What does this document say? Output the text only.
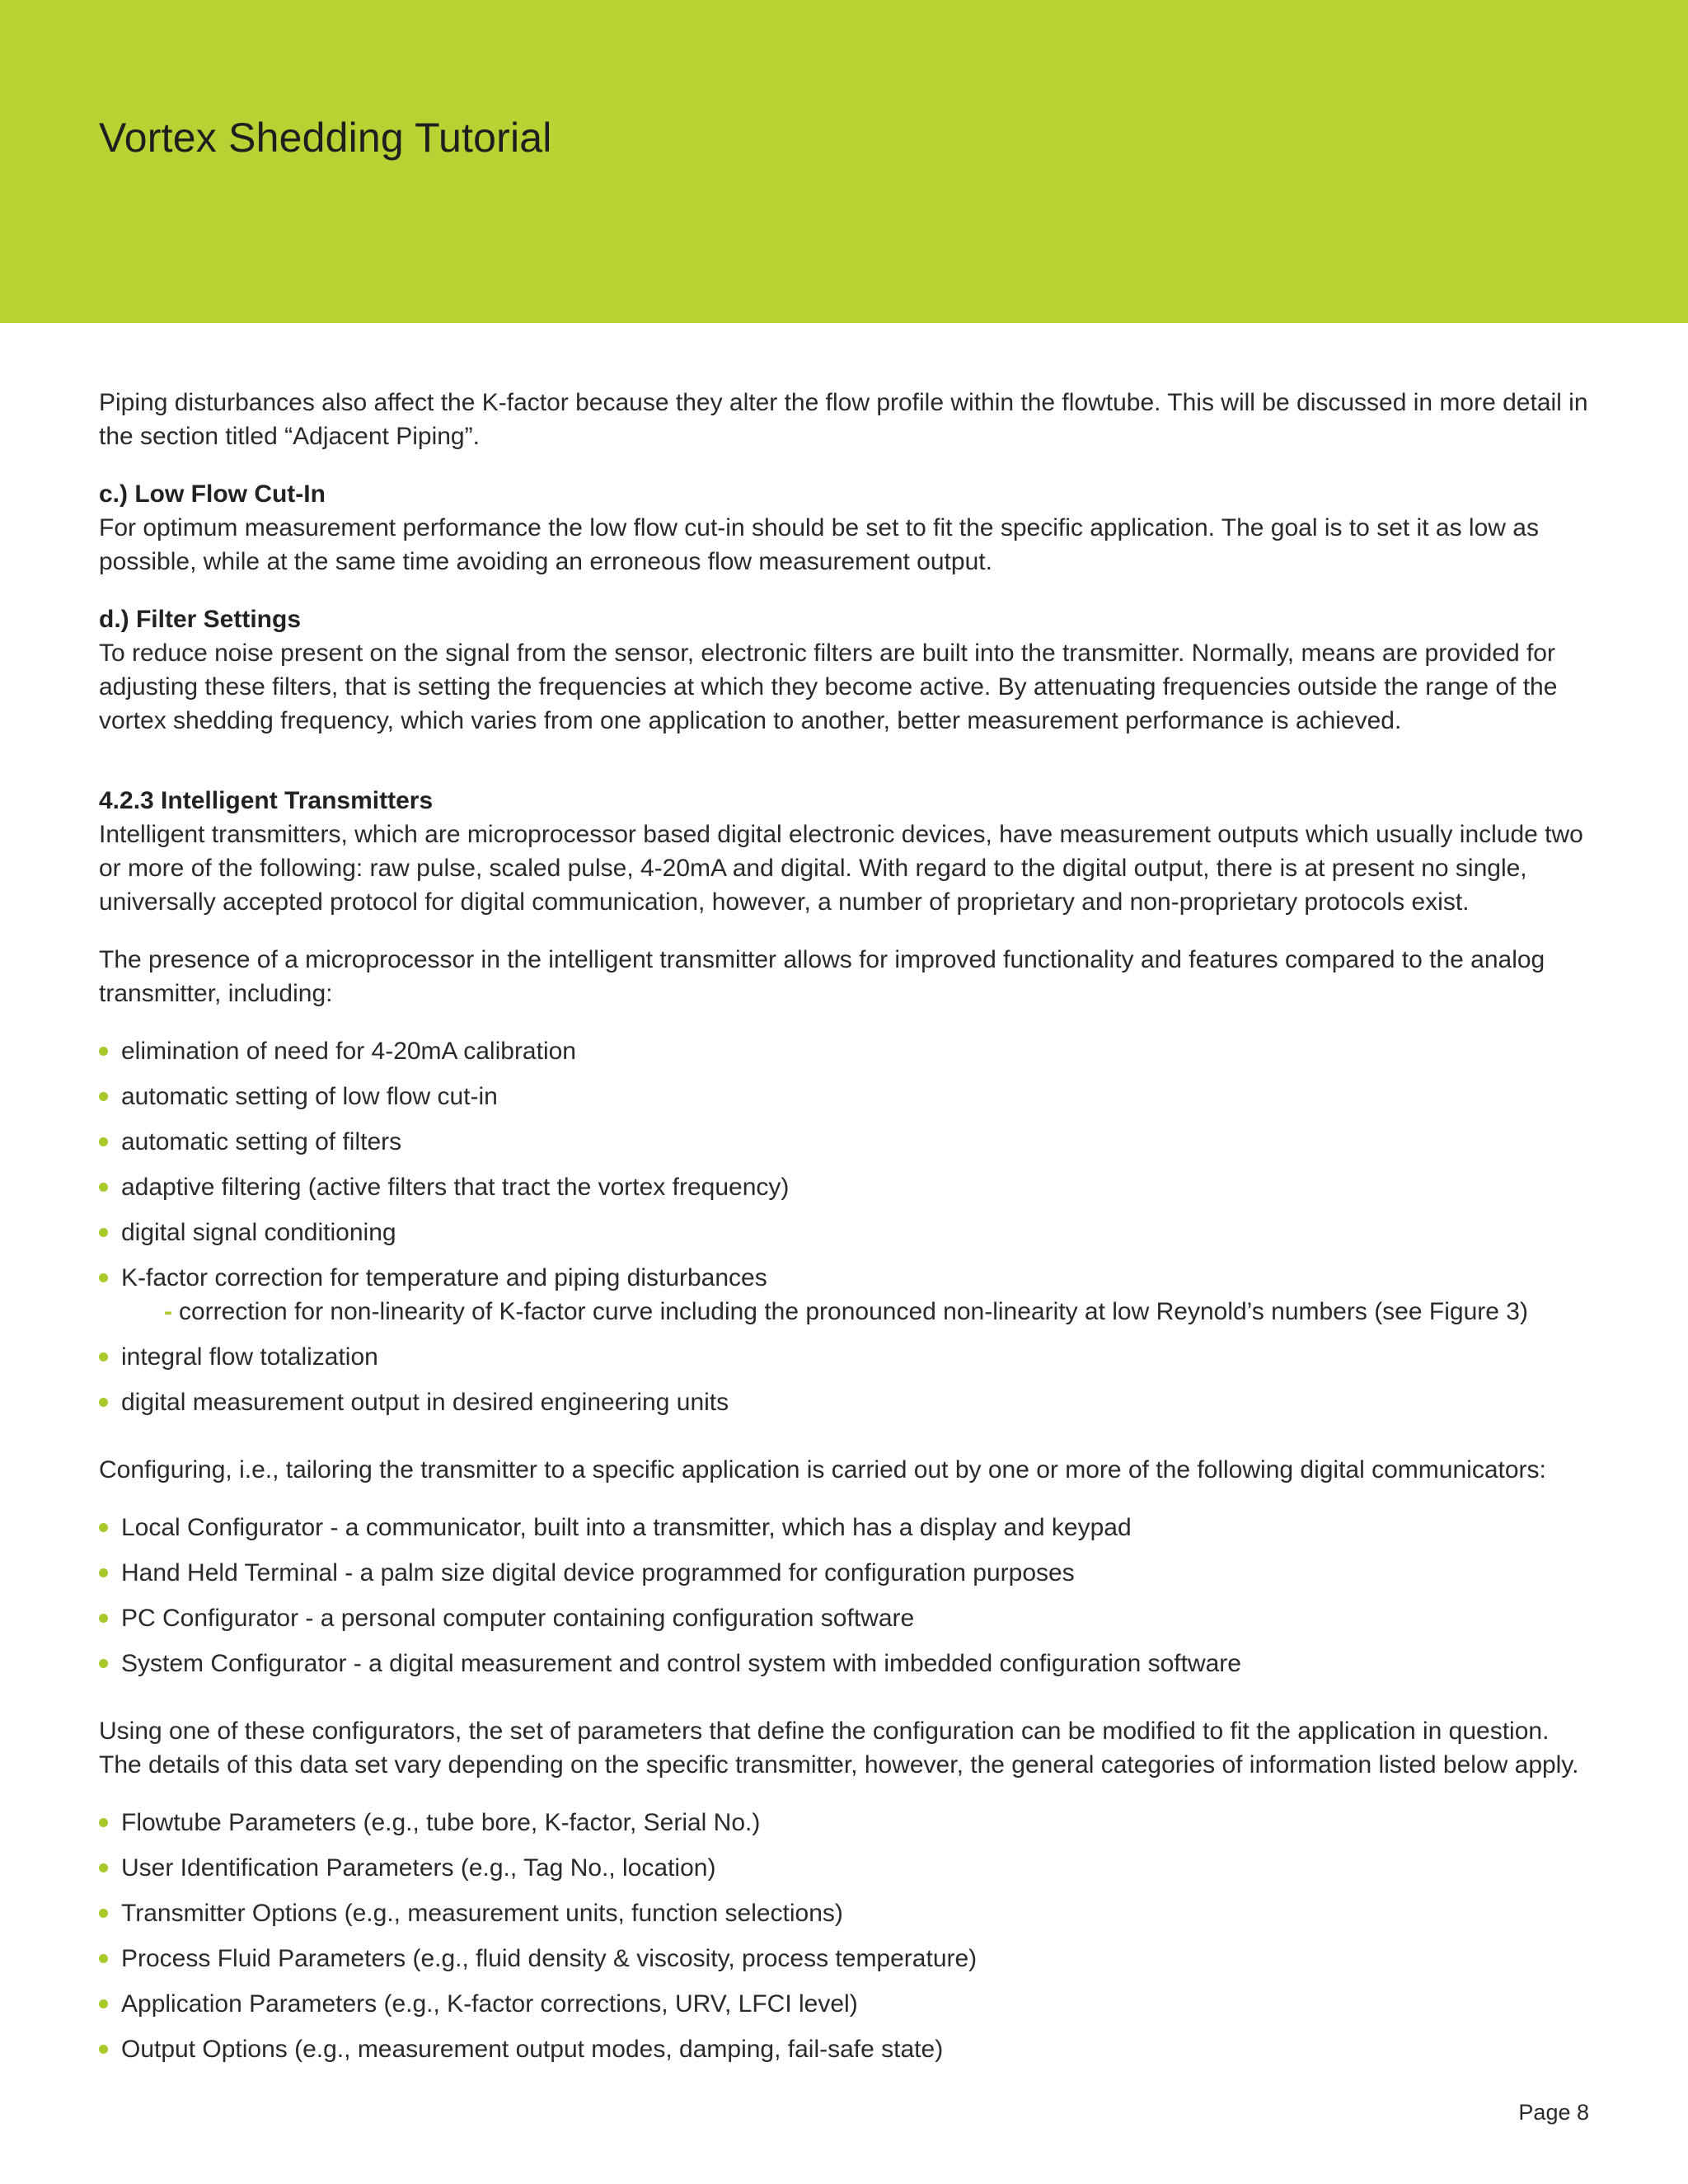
Vortex Shedding Tutorial

Piping disturbances also affect the K-factor because they alter the flow profile within the flowtube. This will be discussed in more detail in the section titled “Adjacent Piping”.

c.) Low Flow Cut-In

For optimum measurement performance the low flow cut-in should be set to fit the specific application. The goal is to set it as low as possible, while at the same time avoiding an erroneous flow measurement output.

d.) Filter Settings

To reduce noise present on the signal from the sensor, electronic filters are built into the transmitter. Normally, means are provided for adjusting these filters, that is setting the frequencies at which they become active. By attenuating frequencies outside the range of the vortex shedding frequency, which varies from one application to another, better measurement performance is achieved.

4.2.3 Intelligent Transmitters

Intelligent transmitters, which are microprocessor based digital electronic devices, have measurement outputs which usually include two or more of the following: raw pulse, scaled pulse, 4-20mA and digital. With regard to the digital output, there is at present no single, universally accepted protocol for digital communication, however, a number of proprietary and non-proprietary protocols exist.

The presence of a microprocessor in the intelligent transmitter allows for improved functionality and features compared to the analog transmitter, including:

elimination of need for 4-20mA calibration
automatic setting of low flow cut-in
automatic setting of filters
adaptive filtering (active filters that tract the vortex frequency)
digital signal conditioning
K-factor correction for temperature and piping disturbances
- correction for non-linearity of K-factor curve including the pronounced non-linearity at low Reynold’s numbers (see Figure 3)
integral flow totalization
digital measurement output in desired engineering units

Configuring, i.e., tailoring the transmitter to a specific application is carried out by one or more of the following digital communicators:

Local Configurator - a communicator, built into a transmitter, which has a display and keypad
Hand Held Terminal - a palm size digital device programmed for configuration purposes
PC Configurator - a personal computer containing configuration software
System Configurator - a digital measurement and control system with imbedded configuration software

Using one of these configurators, the set of parameters that define the configuration can be modified to fit the application in question. The details of this data set vary depending on the specific transmitter, however, the general categories of information listed below apply.

Flowtube Parameters (e.g., tube bore, K-factor, Serial No.)
User Identification Parameters (e.g., Tag No., location)
Transmitter Options (e.g., measurement units, function selections)
Process Fluid Parameters (e.g., fluid density & viscosity, process temperature)
Application Parameters (e.g., K-factor corrections, URV, LFCI level)
Output Options (e.g., measurement output modes, damping, fail-safe state)
Page 8
